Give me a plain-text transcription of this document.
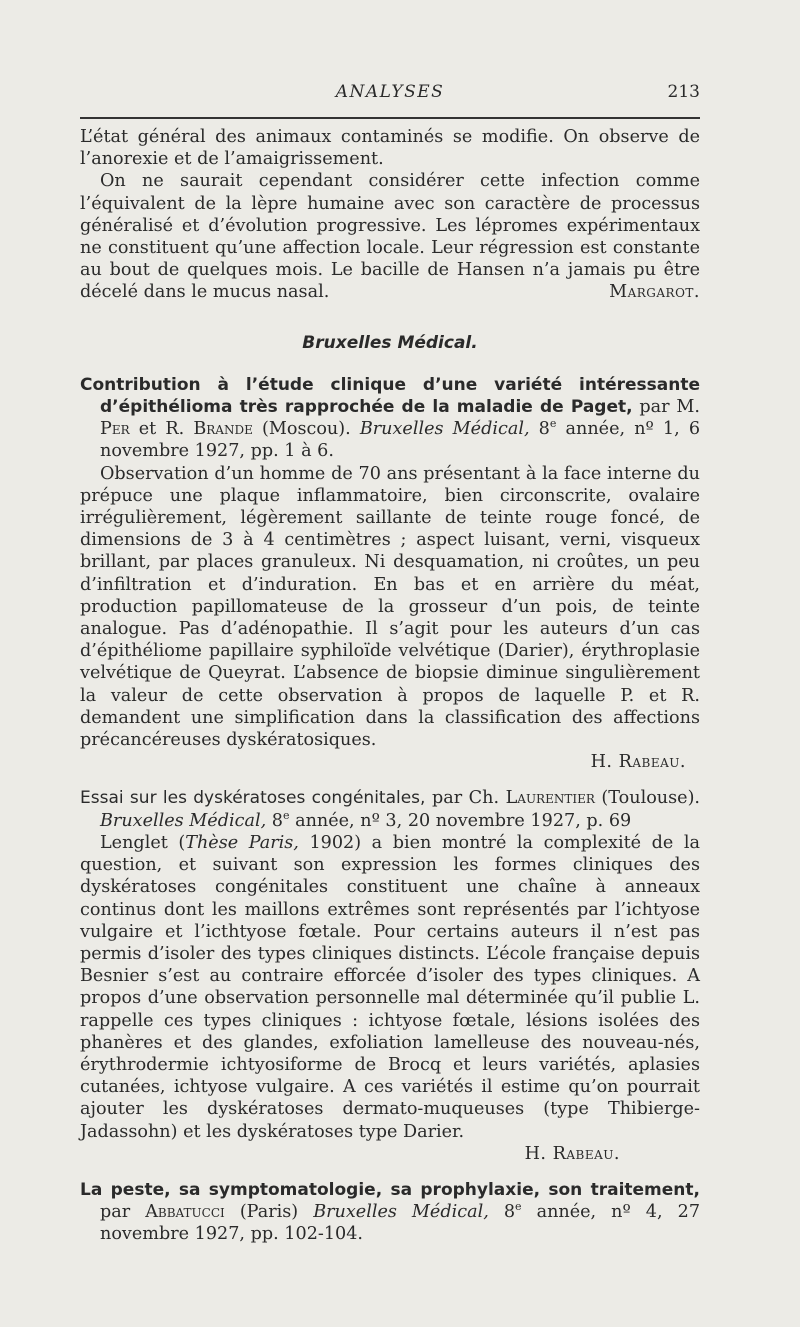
ANALYSES	213

L’état général des animaux contaminés se modifie. On observe de l’anorexie et de l’amaigrissement.

On ne saurait cependant considérer cette infection comme l’équivalent de la lèpre humaine avec son caractère de processus généralisé et d’évolution progressive. Les lépromes expérimentaux ne constituent qu’une affection locale. Leur régression est constante au bout de quelques mois. Le bacille de Hansen n’a jamais pu être décelé dans le mucus nasal.	Margarot.

Bruxelles Médical.

Contribution à l’étude clinique d’une variété intéressante d’épithélioma très rapprochée de la maladie de Paget, par M. Per et R. Brande (Moscou). Bruxelles Médical, 8e année, nº 1, 6 novembre 1927, pp. 1 à 6.

Observation d’un homme de 70 ans présentant à la face interne du prépuce une plaque inflammatoire, bien circonscrite, ovalaire irrégulièrement, légèrement saillante de teinte rouge foncé, de dimensions de 3 à 4 centimètres ; aspect luisant, verni, visqueux brillant, par places granuleux. Ni desquamation, ni croûtes, un peu d’infiltration et d’induration. En bas et en arrière du méat, production papillomateuse de la grosseur d’un pois, de teinte analogue. Pas d’adénopathie. Il s’agit pour les auteurs d’un cas d’épithéliome papillaire syphiloïde velvétique (Darier), érythroplasie velvétique de Queyrat. L’absence de biopsie diminue singulièrement la valeur de cette observation à propos de laquelle P. et R. demandent une simplification dans la classification des affections précancéreuses dyskératosiques.

H. Rabeau.

Essai sur les dyskératoses congénitales, par Ch. Laurentier (Toulouse). Bruxelles Médical, 8e année, nº 3, 20 novembre 1927, p. 69

Lenglet (Thèse Paris, 1902) a bien montré la complexité de la question, et suivant son expression les formes cliniques des dyskératoses congénitales constituent une chaîne à anneaux continus dont les maillons extrêmes sont représentés par l’ichtyose vulgaire et l’icthtyose fœtale. Pour certains auteurs il n’est pas permis d’isoler des types cliniques distincts. L’école française depuis Besnier s’est au contraire efforcée d’isoler des types cliniques. A propos d’une observation personnelle mal déterminée qu’il publie L. rappelle ces types cliniques : ichtyose fœtale, lésions isolées des phanères et des glandes, exfoliation lamelleuse des nouveau-nés, érythrodermie ichtyosiforme de Brocq et leurs variétés, aplasies cutanées, ichtyose vulgaire. A ces variétés il estime qu’on pourrait ajouter les dyskératoses dermato-muqueuses (type Thibierge-Jadassohn) et les dyskératoses type Darier.

H. Rabeau.

La peste, sa symptomatologie, sa prophylaxie, son traitement, par Abbatucci (Paris) Bruxelles Médical, 8e année, nº 4, 27 novembre 1927, pp. 102-104.
